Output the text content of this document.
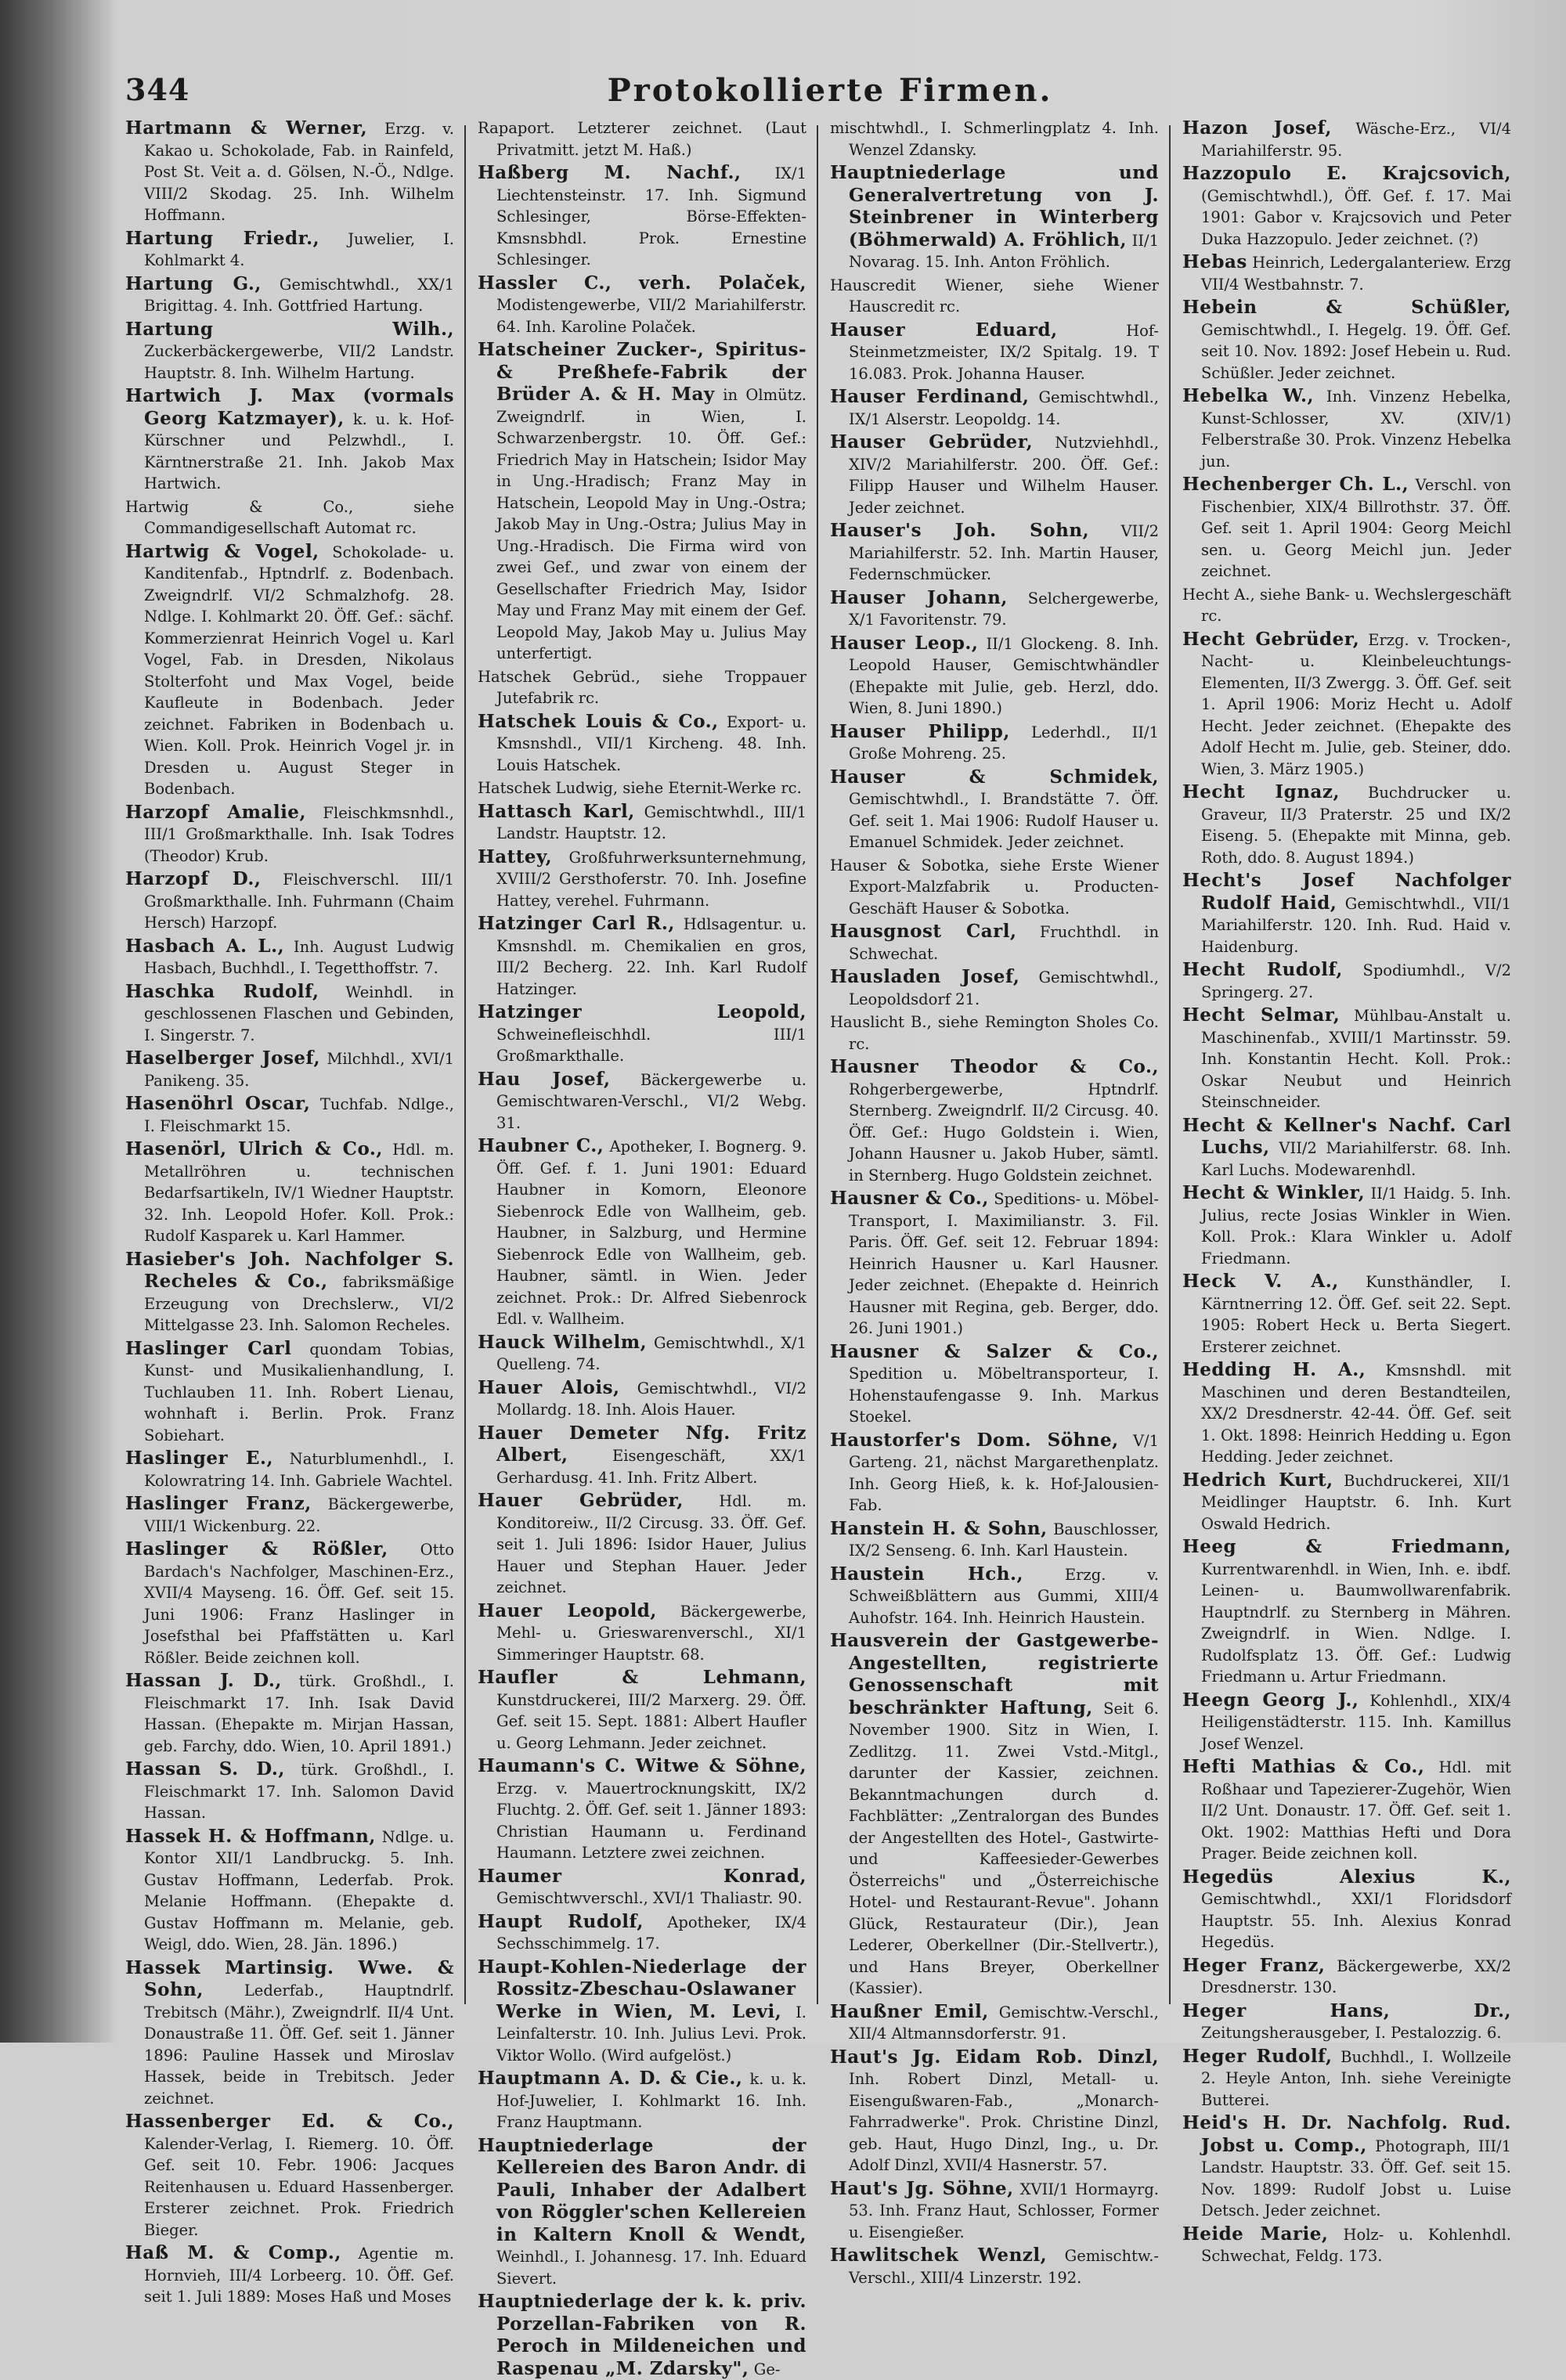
344	Protokollierte Firmen.

Hartmann & Werner, Erzg. v. Kakao u. Schokolade, Fab. in Rainfeld, Post St. Veit a. d. Gölsen, N.-Ö., Ndlge. VIII/2 Skodag. 25. Inh. Wilhelm Hoffmann.

Hartung Friedr., Juwelier, I. Kohlmarkt 4.

Hartung G., Gemischtwhdl., XX/1 Brigittag. 4. Inh. Gottfried Hartung.

Hartung Wilh., Zuckerbäckergewerbe, VII/2 Landstr. Hauptstr. 8. Inh. Wilhelm Hartung.

Hartwich J. Max (vormals Georg Katzmayer), k. u. k. Hof-Kürschner und Pelzwhdl., I. Kärntnerstraße 21. Inh. Jakob Max Hartwich.

Hartwig & Co., siehe Commandigesellschaft Automat rc.

Hartwig & Vogel, Schokolade- u. Kanditenfab., Hptndrlf. z. Bodenbach. Zweigndrlf. VI/2 Schmalzhofg. 28. Ndlge. I. Kohlmarkt 20. Öff. Gef.: sächf. Kommerzienrat Heinrich Vogel u. Karl Vogel, Fab. in Dresden, Nikolaus Stolterfoht und Max Vogel, beide Kaufleute in Bodenbach. Jeder zeichnet. Fabriken in Bodenbach u. Wien. Koll. Prok. Heinrich Vogel jr. in Dresden u. August Steger in Bodenbach.

Harzopf Amalie, Fleischkmsnhdl., III/1 Großmarkthalle. Inh. Isak Todres (Theodor) Krub.

Harzopf D., Fleischverschl. III/1 Großmarkthalle. Inh. Fuhrmann (Chaim Hersch) Harzopf.

Hasbach A. L., Inh. August Ludwig Hasbach, Buchhdl., I. Tegetthoffstr. 7.

Haschka Rudolf, Weinhdl. in geschlossenen Flaschen und Gebinden, I. Singerstr. 7.

Haselberger Josef, Milchhdl., XVI/1 Panikeng. 35.

Hasenöhrl Oscar, Tuchfab. Ndlge., I. Fleischmarkt 15.

Hasenörl, Ulrich & Co., Hdl. m. Metallröhren u. technischen Bedarfsartikeln, IV/1 Wiedner Hauptstr. 32. Inh. Leopold Hofer. Koll. Prok.: Rudolf Kasparek u. Karl Hammer.

Hasieber's Joh. Nachfolger S. Recheles & Co., fabriksmäßige Erzeugung von Drechslerw., VI/2 Mittelgasse 23. Inh. Salomon Recheles.

Haslinger Carl quondam Tobias, Kunst- und Musikalienhandlung, I. Tuchlauben 11. Inh. Robert Lienau, wohnhaft i. Berlin. Prok. Franz Sobiehart.

Haslinger E., Naturblumenhdl., I. Kolowratring 14. Inh. Gabriele Wachtel.

Haslinger Franz, Bäckergewerbe, VIII/1 Wickenburg. 22.

Haslinger & Rößler, Otto Bardach's Nachfolger, Maschinen-Erz., XVII/4 Mayseng. 16. Öff. Gef. seit 15. Juni 1906: Franz Haslinger in Josefsthal bei Pfaffstätten u. Karl Rößler. Beide zeichnen koll.

Hassan J. D., türk. Großhdl., I. Fleischmarkt 17. Inh. Isak David Hassan. (Ehepakte m. Mirjan Hassan, geb. Farchy, ddo. Wien, 10. April 1891.)

Hassan S. D., türk. Großhdl., I. Fleischmarkt 17. Inh. Salomon David Hassan.

Hassek H. & Hoffmann, Ndlge. u. Kontor XII/1 Landbruckg. 5. Inh. Gustav Hoffmann, Lederfab. Prok. Melanie Hoffmann. (Ehepakte d. Gustav Hoffmann m. Melanie, geb. Weigl, ddo. Wien, 28. Jän. 1896.)

Hassek Martinsig. Wwe. & Sohn,	Lederfab., Hauptndrlf. Trebitsch (Mähr.), Zweigndrlf. II/4 Unt. Donaustraße 11. Öff. Gef. seit 1. Jänner 1896: Pauline Hassek und Miroslav Hassek, beide in Trebitsch. Jeder zeichnet.

Hassenberger Ed. & Co., Kalender-Verlag, I. Riemerg. 10. Öff. Gef. seit 10. Febr. 1906: Jacques Reitenhausen u. Eduard Hassenberger. Ersterer zeichnet. Prok. Friedrich Bieger.

Haß M. & Comp., Agentie m. Hornvieh, III/4 Lorbeerg. 10. Öff. Gef. seit 1. Juli 1889: Moses Haß und Moses

Rapaport. Letzterer zeichnet. (Laut Privatmitt. jetzt M. Haß.)

Haßberg M. Nachf., IX/1 Liechtensteinstr. 17. Inh. Sigmund Schlesinger, Börse-Effekten-Kmsnsbhdl. Prok. Ernestine Schlesinger.

Hassler C., verh. Polaček, Modistengewerbe, VII/2 Mariahilferstr. 64. Inh. Karoline Polaček.

Hatscheiner Zucker-, Spiritus- & Preßhefe-Fabrik der Brüder A. & H. May in Olmütz. Zweigndrlf. in Wien, I. Schwarzenbergstr. 10. Öff. Gef.: Friedrich May in Hatschein; Isidor May in Ung.-Hradisch; Franz May in Hatschein, Leopold May in Ung.-Ostra; Jakob May in Ung.-Ostra; Julius May in Ung.-Hradisch. Die Firma wird von zwei Gef., und zwar von einem der Gesellschafter Friedrich May, Isidor May und Franz May mit einem der Gef. Leopold May, Jakob May u. Julius May unterfertigt.

Hatschek Gebrüd., siehe Troppauer Jutefabrik rc.

Hatschek Louis & Co., Export- u. Kmsnshdl., VII/1 Kircheng. 48. Inh. Louis Hatschek.

Hatschek Ludwig, siehe Eternit-Werke rc.

Hattasch Karl, Gemischtwhdl., III/1 Landstr. Hauptstr. 12.

Hattey, Großfuhrwerksunternehmung, XVIII/2 Gersthoferstr. 70. Inh. Josefine Hattey, verehel. Fuhrmann.

Hatzinger Carl R., Hdlsagentur. u. Kmsnshdl. m. Chemikalien en gros, III/2 Becherg. 22. Inh. Karl Rudolf Hatzinger.

Hatzinger Leopold, Schweinefleischhdl. III/1 Großmarkthalle.

Hau Josef, Bäckergewerbe u. Gemischtwaren-Verschl., VI/2 Webg. 31.

Haubner C., Apotheker, I. Bognerg. 9. Öff. Gef. f. 1. Juni 1901: Eduard Haubner in Komorn, Eleonore Siebenrock Edle von Wallheim, geb. Haubner, in Salzburg, und Hermine Siebenrock Edle von Wallheim, geb. Haubner, sämtl. in Wien. Jeder zeichnet. Prok.: Dr. Alfred Siebenrock Edl. v. Wallheim.

Hauck Wilhelm, Gemischtwhdl., X/1 Quelleng. 74.

Hauer Alois, Gemischtwhdl., VI/2 Mollardg. 18. Inh. Alois Hauer.

Hauer Demeter Nfg. Fritz Albert,	Eisengeschäft, XX/1 Gerhardusg. 41. Inh. Fritz Albert.

Hauer Gebrüder, Hdl. m. Konditoreiw., II/2 Circusg. 33. Öff. Gef. seit 1. Juli 1896: Isidor Hauer, Julius Hauer und Stephan Hauer. Jeder zeichnet.

Hauer Leopold, Bäckergewerbe, Mehl- u. Grieswarenverschl., XI/1 Simmeringer Hauptstr. 68.

Haufler & Lehmann, Kunstdruckerei, III/2 Marxerg. 29. Öff. Gef. seit 15. Sept. 1881: Albert Haufler u. Georg Lehmann. Jeder zeichnet.

Haumann's C. Witwe & Söhne, Erzg. v. Mauertrocknungskitt, IX/2 Fluchtg. 2. Öff. Gef. seit 1. Jänner 1893: Christian Haumann u. Ferdinand Haumann. Letztere zwei zeichnen.

Haumer Konrad, Gemischtwverschl., XVI/1 Thaliastr. 90.

Haupt Rudolf, Apotheker, IX/4 Sechsschimmelg. 17.

Haupt-Kohlen-Niederlage der Rossitz-Zbeschau-Oslawaner Werke in Wien, M. Levi, I. Leinfalterstr. 10. Inh. Julius Levi. Prok. Viktor Wollo. (Wird aufgelöst.)

Hauptmann A. D. & Cie., k. u. k. Hof-Juwelier, I. Kohlmarkt 16. Inh. Franz Hauptmann.

Hauptniederlage der Kellereien des Baron Andr. di Pauli, Inhaber der Adalbert von Röggler'schen Kellereien in Kaltern Knoll & Wendt, Weinhdl., I. Johannesg. 17. Inh. Eduard Sievert.

Hauptniederlage der k. k. priv. Porzellan-Fabriken von R. Peroch in Mildeneichen und Raspenau „M. Zdarsky", Ge-

mischtwhdl., I. Schmerlingplatz 4. Inh. Wenzel Zdansky.

Hauptniederlage und Generalvertretung von J. Steinbrener in Winterberg (Böhmerwald) A. Fröhlich, II/1 Novarag. 15. Inh. Anton Fröhlich.

Hauscredit Wiener, siehe Wiener Hauscredit rc.

Hauser Eduard,	Hof-Steinmetzmeister, IX/2 Spitalg. 19. T 16.083. Prok. Johanna Hauser.

Hauser Ferdinand, Gemischtwhdl., IX/1 Alserstr. Leopoldg. 14.

Hauser Gebrüder, Nutzviehhdl., XIV/2 Mariahilferstr. 200. Öff. Gef.: Filipp Hauser und Wilhelm Hauser. Jeder zeichnet.

Hauser's Joh. Sohn, VII/2 Mariahilferstr. 52. Inh. Martin Hauser, Federnschmücker.

Hauser Johann, Selchergewerbe, X/1 Favoritenstr. 79.

Hauser Leop., II/1 Glockeng. 8. Inh. Leopold Hauser, Gemischtwhändler (Ehepakte mit Julie, geb. Herzl, ddo. Wien, 8. Juni 1890.)

Hauser Philipp, Lederhdl., II/1 Große Mohreng. 25.

Hauser & Schmidek, Gemischtwhdl., I. Brandstätte 7. Öff. Gef. seit 1. Mai 1906: Rudolf Hauser u. Emanuel Schmidek. Jeder zeichnet.

Hauser & Sobotka, siehe Erste Wiener Export-Malzfabrik u. Producten-Geschäft Hauser & Sobotka.

Hausgnost Carl, Fruchthdl. in Schwechat.

Hausladen Josef, Gemischtwhdl., Leopoldsdorf 21.

Hauslicht B., siehe Remington Sholes Co. rc.

Hausner Theodor & Co., Rohgerbergewerbe, Hptndrlf. Sternberg. Zweigndrlf. II/2 Circusg. 40. Öff. Gef.: Hugo Goldstein i. Wien, Johann Hausner u. Jakob Huber, sämtl. in Sternberg. Hugo Goldstein zeichnet.

Hausner & Co., Speditions- u. Möbel-Transport, I. Maximilianstr. 3. Fil. Paris. Öff. Gef. seit 12. Februar 1894: Heinrich Hausner u. Karl Hausner. Jeder zeichnet. (Ehepakte d. Heinrich Hausner mit Regina, geb. Berger, ddo. 26. Juni 1901.)

Hausner & Salzer & Co., Spedition u. Möbeltransporteur, I. Hohenstaufengasse 9. Inh. Markus Stoekel.

Haustorfer's Dom. Söhne, V/1 Garteng. 21, nächst Margarethenplatz. Inh. Georg Hieß, k. k. Hof-Jalousien-Fab.

Hanstein H. & Sohn, Bauschlosser, IX/2 Senseng. 6. Inh. Karl Haustein.

Haustein Hch.,	Erzg. v. Schweißblättern aus Gummi, XIII/4 Auhofstr. 164. Inh. Heinrich Haustein.

Hausverein der Gastgewerbe-Angestellten, registrierte Genossenschaft mit beschränkter Haftung, Seit 6. November 1900. Sitz in Wien, I. Zedlitzg. 11. Zwei Vstd.-Mitgl., darunter der Kassier, zeichnen. Bekanntmachungen durch d. Fachblätter: „Zentralorgan des Bundes der Angestellten des Hotel-, Gastwirte- und Kaffeesieder-Gewerbes Österreichs" und „Österreichische Hotel- und Restaurant-Revue". Johann Glück, Restaurateur (Dir.), Jean Lederer, Oberkellner (Dir.-Stellvertr.), und Hans Breyer, Oberkellner (Kassier).

Haußner Emil, Gemischtw.-Verschl., XII/4 Altmannsdorferstr. 91.

Haut's Jg. Eidam Rob. Dinzl, Inh. Robert Dinzl, Metall- u. Eisengußwaren-Fab., „Monarch-Fahrradwerke". Prok. Christine Dinzl, geb. Haut, Hugo Dinzl, Ing., u. Dr. Adolf Dinzl, XVII/4 Hasnerstr. 57.

Haut's Jg. Söhne, XVII/1 Hormayrg. 53. Inh. Franz Haut, Schlosser, Former u. Eisengießer.

Hawlitschek Wenzl, Gemischtw.-Verschl., XIII/4 Linzerstr. 192.

Hazon Josef, Wäsche-Erz., VI/4 Mariahilferstr. 95.

Hazzopulo E. Krajcsovich, (Gemischtwhdl.), Öff. Gef. f. 17. Mai 1901: Gabor v. Krajcsovich und Peter Duka Hazzopulo. Jeder zeichnet. (?)

Hebas Heinrich, Ledergalanteriew. Erzg VII/4 Westbahnstr. 7.

Hebein & Schüßler, Gemischtwhdl., I. Hegelg. 19. Öff. Gef. seit 10. Nov. 1892: Josef Hebein u. Rud. Schüßler. Jeder zeichnet.

Hebelka W., Inh. Vinzenz Hebelka, Kunst-Schlosser, XV. (XIV/1) Felberstraße 30. Prok. Vinzenz Hebelka jun.

Hechenberger Ch. L., Verschl. von Fischenbier, XIX/4 Billrothstr. 37. Öff. Gef. seit 1. April 1904: Georg Meichl sen. u. Georg Meichl jun. Jeder zeichnet.

Hecht A., siehe Bank- u. Wechslergeschäft rc.

Hecht Gebrüder, Erzg. v. Trocken-, Nacht- u. Kleinbeleuchtungs-Elementen, II/3 Zwergg. 3. Öff. Gef. seit 1. April 1906: Moriz Hecht u. Adolf Hecht. Jeder zeichnet. (Ehepakte des Adolf Hecht m. Julie, geb. Steiner, ddo. Wien, 3. März 1905.)

Hecht Ignaz, Buchdrucker u. Graveur, II/3 Praterstr. 25 und IX/2 Eiseng. 5. (Ehepakte mit Minna, geb. Roth, ddo. 8. August 1894.)

Hecht's Josef Nachfolger Rudolf Haid, Gemischtwhdl., VII/1 Mariahilferstr. 120. Inh. Rud. Haid v. Haidenburg.

Hecht Rudolf, Spodiumhdl., V/2 Springerg. 27.

Hecht Selmar, Mühlbau-Anstalt u. Maschinenfab., XVIII/1 Martinsstr. 59. Inh. Konstantin Hecht. Koll. Prok.: Oskar Neubut und Heinrich Steinschneider.

Hecht & Kellner's Nachf. Carl Luchs, VII/2 Mariahilferstr. 68. Inh. Karl Luchs. Modewarenhdl.

Hecht & Winkler, II/1 Haidg. 5. Inh. Julius, recte Josias Winkler in Wien. Koll. Prok.: Klara Winkler u. Adolf Friedmann.

Heck V. A., Kunsthändler, I. Kärntnerring 12. Öff. Gef. seit 22. Sept. 1905: Robert Heck u. Berta Siegert. Ersterer zeichnet.

Hedding H. A., Kmsnshdl. mit Maschinen und deren Bestandteilen, XX/2 Dresdnerstr. 42-44. Öff. Gef. seit 1. Okt. 1898: Heinrich Hedding u. Egon Hedding. Jeder zeichnet.

Hedrich Kurt, Buchdruckerei, XII/1 Meidlinger Hauptstr. 6. Inh. Kurt Oswald Hedrich.

Heeg & Friedmann, Kurrentwarenhdl. in Wien, Inh. e. ibdf. Leinen- u. Baumwollwarenfabrik. Hauptndrlf. zu Sternberg in Mähren. Zweigndrlf. in Wien. Ndlge. I. Rudolfsplatz 13. Öff. Gef.: Ludwig Friedmann u. Artur Friedmann.

Heegn Georg J., Kohlenhdl., XIX/4 Heiligenstädterstr. 115. Inh. Kamillus Josef Wenzel.

Hefti Mathias & Co., Hdl. mit Roßhaar und Tapezierer-Zugehör, Wien II/2 Unt. Donaustr. 17. Öff. Gef. seit 1. Okt. 1902: Matthias Hefti und Dora Prager. Beide zeichnen koll.

Hegedüs Alexius K., Gemischtwhdl., XXI/1 Floridsdorf Hauptstr. 55. Inh. Alexius Konrad Hegedüs.

Heger Franz, Bäckergewerbe, XX/2 Dresdnerstr. 130.

Heger Hans, Dr., Zeitungsherausgeber, I. Pestalozzig. 6.

Heger Rudolf, Buchhdl., I. Wollzeile 2. Heyle Anton, Inh. siehe Vereinigte Butterei.

Heid's H. Dr. Nachfolg. Rud. Jobst u. Comp., Photograph, III/1 Landstr. Hauptstr. 33. Öff. Gef. seit 15. Nov. 1899: Rudolf Jobst u. Luise Detsch. Jeder zeichnet.

Heide Marie, Holz- u. Kohlenhdl. Schwechat, Feldg. 173.
